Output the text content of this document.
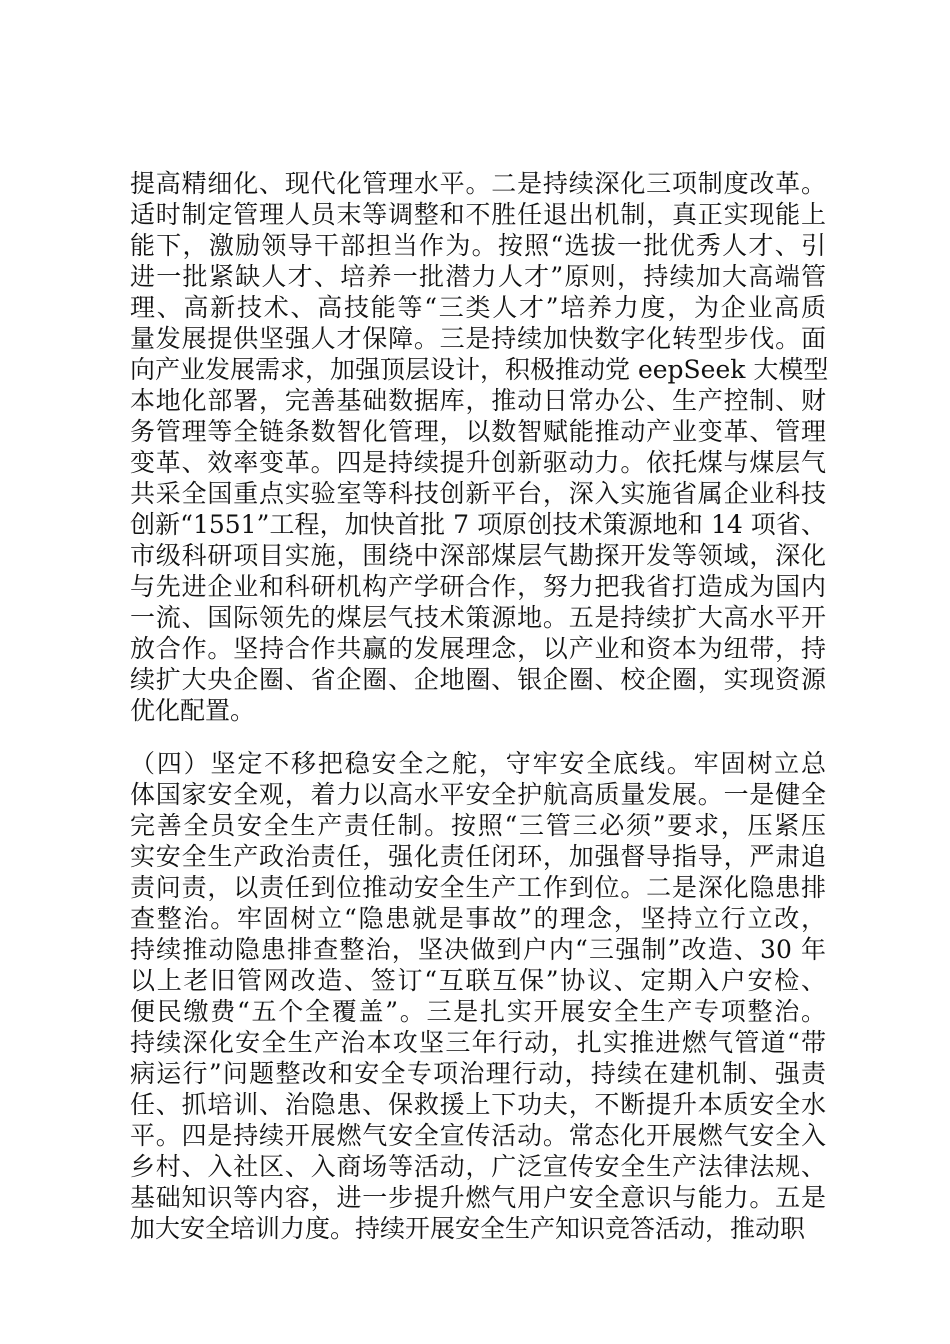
提高精细化、现代化管理水平。二是持续深化三项制度改革。
适时制定管理人员末等调整和不胜任退出机制，真正实现能上
能下，激励领导干部担当作为。按照“选拔一批优秀人才、引
进一批紧缺人才、培养一批潜力人才”原则，持续加大高端管
理、高新技术、高技能等“三类人才”培养力度，为企业高质
量发展提供坚强人才保障。三是持续加快数字化转型步伐。面
向产业发展需求，加强顶层设计，积极推动党 eepSeek 大模型
本地化部署，完善基础数据库，推动日常办公、生产控制、财
务管理等全链条数智化管理，以数智赋能推动产业变革、管理
变革、效率变革。四是持续提升创新驱动力。依托煤与煤层气
共采全国重点实验室等科技创新平台，深入实施省属企业科技
创新“1551”工程，加快首批 7 项原创技术策源地和 14 项省、
市级科研项目实施，围绕中深部煤层气勘探开发等领域，深化
与先进企业和科研机构产学研合作，努力把我省打造成为国内
一流、国际领先的煤层气技术策源地。五是持续扩大高水平开
放合作。坚持合作共赢的发展理念，以产业和资本为纽带，持
续扩大央企圈、省企圈、企地圈、银企圈、校企圈，实现资源
优化配置。
（四）坚定不移把稳安全之舵，守牢安全底线。牢固树立总
体国家安全观，着力以高水平安全护航高质量发展。一是健全
完善全员安全生产责任制。按照“三管三必须”要求，压紧压
实安全生产政治责任，强化责任闭环，加强督导指导，严肃追
责问责，以责任到位推动安全生产工作到位。二是深化隐患排
查整治。牢固树立“隐患就是事故”的理念，坚持立行立改，
持续推动隐患排查整治，坚决做到户内“三强制”改造、30 年
以上老旧管网改造、签订“互联互保”协议、定期入户安检、
便民缴费“五个全覆盖”。三是扎实开展安全生产专项整治。
持续深化安全生产治本攻坚三年行动，扎实推进燃气管道“带
病运行”问题整改和安全专项治理行动，持续在建机制、强责
任、抓培训、治隐患、保救援上下功夫，不断提升本质安全水
平。四是持续开展燃气安全宣传活动。常态化开展燃气安全入
乡村、入社区、入商场等活动，广泛宣传安全生产法律法规、
基础知识等内容，进一步提升燃气用户安全意识与能力。五是
加大安全培训力度。持续开展安全生产知识竞答活动，推动职
